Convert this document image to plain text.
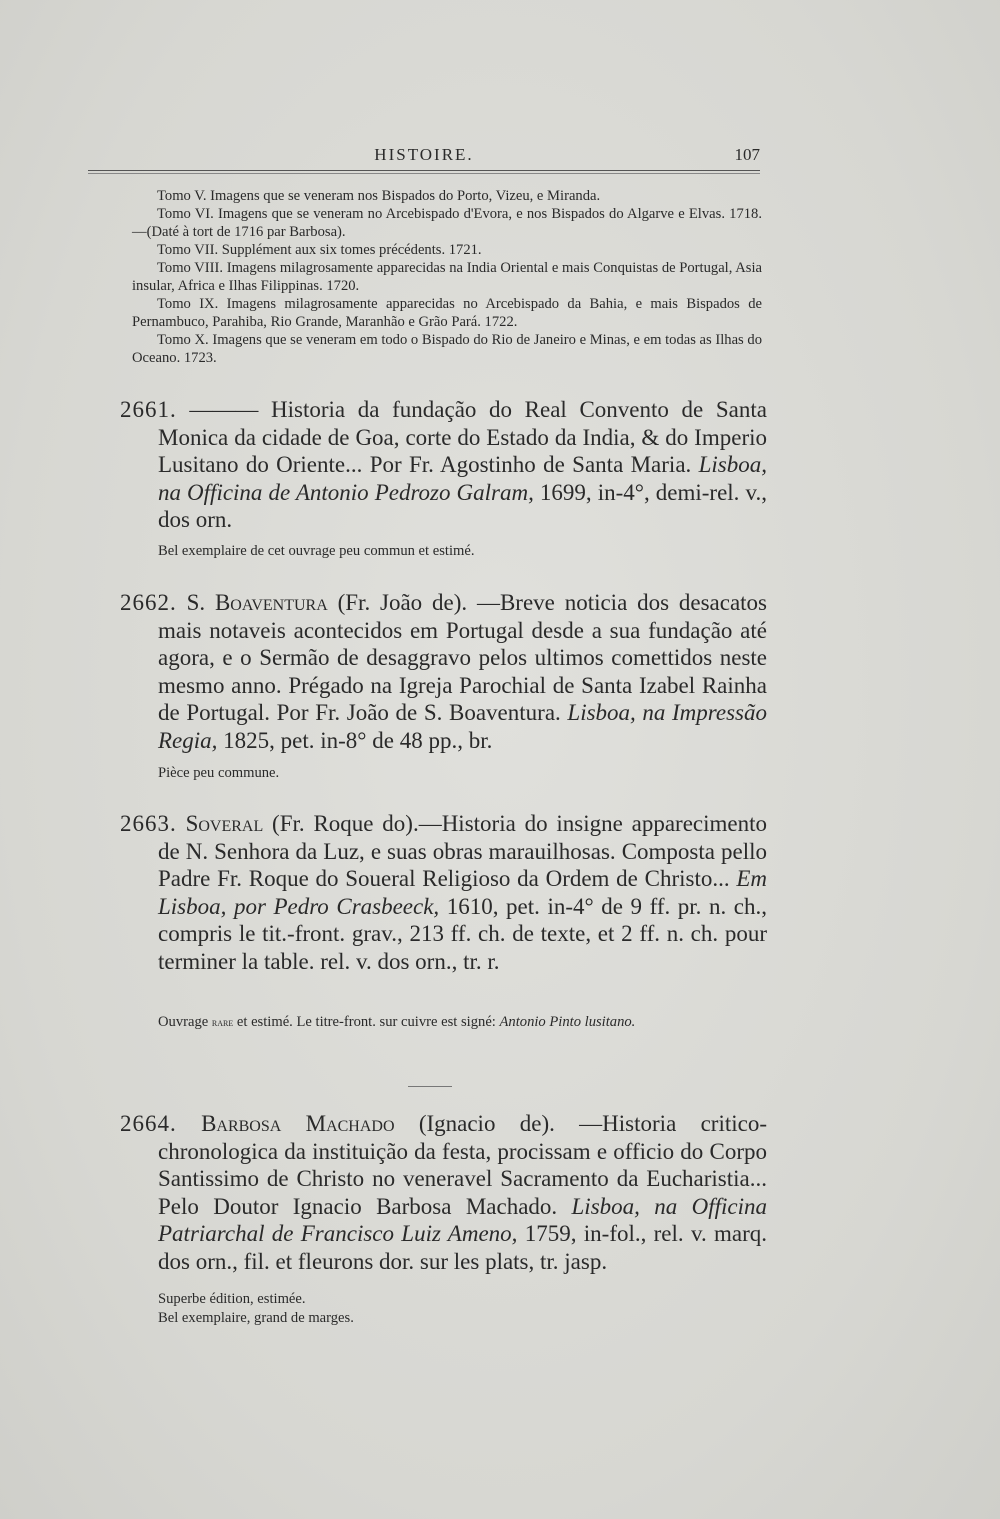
HISTOIRE.	107

Tomo V. Imagens que se veneram nos Bispados do Porto, Vizeu, e Miranda.

Tomo VI. Imagens que se veneram no Arcebispado d'Evora, e nos Bispados do Algarve e Elvas. 1718.—(Daté à tort de 1716 par Barbosa).

Tomo VII. Supplément aux six tomes précédents. 1721.

Tomo VIII. Imagens milagrosamente apparecidas na India Oriental e mais Conquistas de Portugal, Asia insular, Africa e Ilhas Filippinas. 1720.

Tomo IX. Imagens milagrosamente apparecidas no Arcebispado da Bahia, e mais Bispados de Pernambuco, Parahiba, Rio Grande, Maranhão e Grão Pará. 1722.

Tomo X. Imagens que se veneram em todo o Bispado do Rio de Janeiro e Minas, e em todas as Ilhas do Oceano. 1723.

2661. ——— Historia da fundação do Real Convento de Santa Monica da cidade de Goa, corte do Estado da India, & do Imperio Lusitano do Oriente... Por Fr. Agostinho de Santa Maria. Lisboa, na Officina de Antonio Pedrozo Galram, 1699, in-4°, demi-rel. v., dos orn.

Bel exemplaire de cet ouvrage peu commun et estimé.

2662. S. Boaventura (Fr. João de). —Breve noticia dos desacatos mais notaveis acontecidos em Portugal desde a sua fundação até agora, e o Sermão de desaggravo pelos ultimos comettidos neste mesmo anno. Prégado na Igreja Parochial de Santa Izabel Rainha de Portugal. Por Fr. João de S. Boaventura. Lisboa, na Impressão Regia, 1825, pet. in-8° de 48 pp., br.

Pièce peu commune.

2663. Soveral (Fr. Roque do).—Historia do insigne apparecimento de N. Senhora da Luz, e suas obras marauilhosas. Composta pello Padre Fr. Roque do Soueral Religioso da Ordem de Christo... Em Lisboa, por Pedro Crasbeeck, 1610, pet. in-4° de 9 ff. pr. n. ch., compris le tit.-front. grav., 213 ff. ch. de texte, et 2 ff. n. ch. pour terminer la table. rel. v. dos orn., tr. r.

Ouvrage rare et estimé. Le titre-front. sur cuivre est signé: Antonio Pinto lusitano.

2664. Barbosa Machado (Ignacio de). —Historia critico-chronologica da instituição da festa, procissam e officio do Corpo Santissimo de Christo no veneravel Sacramento da Eucharistia... Pelo Doutor Ignacio Barbosa Machado. Lisboa, na Officina Patriarchal de Francisco Luiz Ameno, 1759, in-fol., rel. v. marq. dos orn., fil. et fleurons dor. sur les plats, tr. jasp.

Superbe édition, estimée.

Bel exemplaire, grand de marges.
